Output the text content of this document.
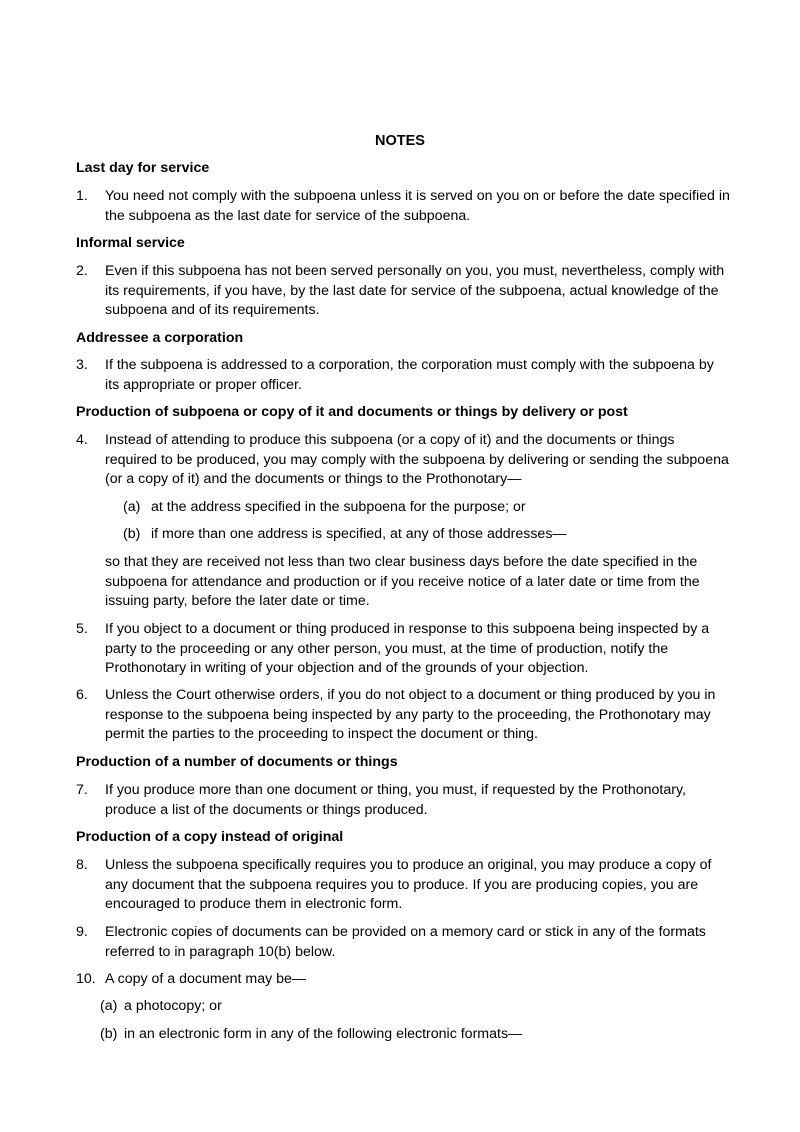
NOTES
Last day for service
1. You need not comply with the subpoena unless it is served on you on or before the date specified in the subpoena as the last date for service of the subpoena.
Informal service
2. Even if this subpoena has not been served personally on you, you must, nevertheless, comply with its requirements, if you have, by the last date for service of the subpoena, actual knowledge of the subpoena and of its requirements.
Addressee a corporation
3. If the subpoena is addressed to a corporation, the corporation must comply with the subpoena by its appropriate or proper officer.
Production of subpoena or copy of it and documents or things by delivery or post
4. Instead of attending to produce this subpoena (or a copy of it) and the documents or things required to be produced, you may comply with the subpoena by delivering or sending the subpoena (or a copy of it) and the documents or things to the Prothonotary—
(a) at the address specified in the subpoena for the purpose; or
(b) if more than one address is specified, at any of those addresses—
so that they are received not less than two clear business days before the date specified in the subpoena for attendance and production or if you receive notice of a later date or time from the issuing party, before the later date or time.
5. If you object to a document or thing produced in response to this subpoena being inspected by a party to the proceeding or any other person, you must, at the time of production, notify the Prothonotary in writing of your objection and of the grounds of your objection.
6. Unless the Court otherwise orders, if you do not object to a document or thing produced by you in response to the subpoena being inspected by any party to the proceeding, the Prothonotary may permit the parties to the proceeding to inspect the document or thing.
Production of a number of documents or things
7. If you produce more than one document or thing, you must, if requested by the Prothonotary, produce a list of the documents or things produced.
Production of a copy instead of original
8. Unless the subpoena specifically requires you to produce an original, you may produce a copy of any document that the subpoena requires you to produce. If you are producing copies, you are encouraged to produce them in electronic form.
9. Electronic copies of documents can be provided on a memory card or stick in any of the formats referred to in paragraph 10(b) below.
10. A copy of a document may be—
(a) a photocopy; or
(b) in an electronic form in any of the following electronic formats—
